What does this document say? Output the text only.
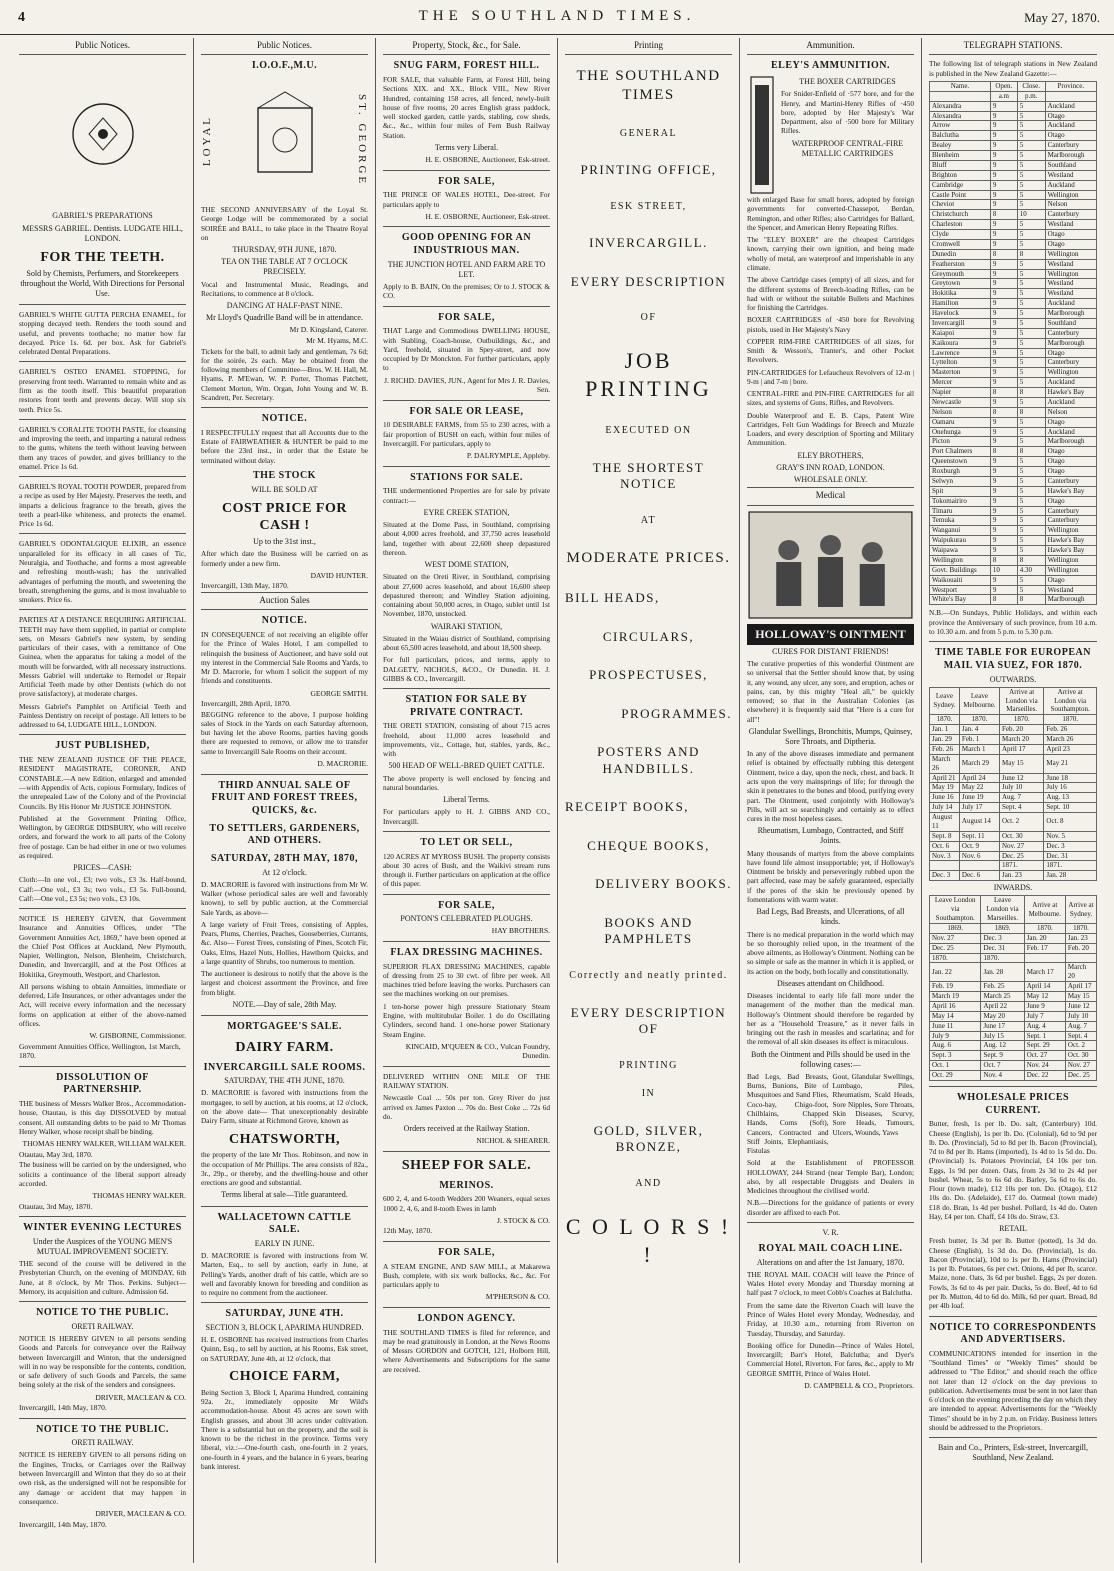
4	THE SOUTHLAND TIMES.	May 27, 1870.
Public Notices.
GABRIEL'S PREPARATIONS
MESSRS GABRIEL. Dentists. LUDGATE HILL, LONDON.
FOR THE TEETH.
Sold by Chemists, Perfumers, and Storekeepers throughout the World, With Directions for Personal Use.

GABRIEL'S WHITE GUTTA PERCHA ENAMEL, for stopping decayed teeth. Renders the tooth sound and useful, and prevents toothache; no matter how far decayed. Price 1s. 6d. per box. Ask for Gabriel's celebrated Dental Preparations.

GABRIEL'S OSTEO ENAMEL STOPPING, for preserving front teeth. Warranted to remain white and as firm as the tooth itself. This beautiful preparation restores front teeth and prevents decay. Will stop six teeth. Price 5s.

GABRIEL'S CORALITE TOOTH PASTE, for cleansing and improving the teeth, and imparting a natural redness to the gums, whitens the teeth without leaving between them any traces of powder, and gives brilliancy to the enamel. Price 1s 6d.

GABRIEL'S ROYAL TOOTH POWDER, prepared from a recipe as used by Her Majesty. Preserves the teeth, and imparts a delicious fragrance to the breath, gives the teeth a pearl-like whiteness, and protects the enamel. Price 1s 6d.

GABRIEL'S ODONTALGIQUE ELIXIR, an essence unparalleled for its efficacy in all cases of Tic, Neuralgia, and Toothache, and forms a most agreeable and refreshing mouth-wash; has the unrivalled advantages of perfuming the mouth, and sweetening the breath, strengthening the gums, and is most invaluable to smokers. Price 6s.

PARTIES AT A DISTANCE REQUIRING ARTIFICIAL TEETH may have them supplied, in partial or complete sets, on Messrs Gabriel's new system, by sending particulars of their cases, with a remittance of One Guinea, when the apparatus for taking a model of the mouth will be forwarded, with all necessary instructions. Messrs Gabriel will undertake to Remodel or Repair Artificial Teeth made by other Dentists (which do not prove satisfactory), at moderate charges.

Messrs Gabriel's Pamphlet on Artificial Teeth and Painless Dentistry on receipt of postage. All letters to be addressed to 64, LUDGATE HILL, LONDON.

JUST PUBLISHED,

THE NEW ZEALAND JUSTICE OF THE PEACE, RESIDENT MAGISTRATE, CORONER, AND CONSTABLE.—A new Edition, enlarged and amended—with Appendix of Acts, copious Formulary, Indices of the unrepealed Law of the Colony and of the Provincial Councils. By His Honor Mr JUSTICE JOHNSTON.

Published at the Government Printing Office, Wellington, by GEORGE DIDSBURY, who will receive orders, and forward the work to all parts of the Colony free of postage. Can be had either in one or two volumes as required.

PRICES—CASH:

Cloth:—In one vol., £3; two vols., £3 3s. Half-bound, Calf:—One vol., £3 3s; two vols., £3 5s. Full-bound, Calf:—One vol., £3 5s; two vols., £3 10s.

NOTICE IS HEREBY GIVEN, that Government Insurance and Annuities Offices, under "The Government Annuities Act, 1869," have been opened at the Chief Post Offices at Auckland, New Plymouth, Napier, Wellington, Nelson, Blenheim, Christchurch, Dunedin, and Invercargill, and at the Post Offices at Hokitika, Greymouth, Westport, and Charleston.

All persons wishing to obtain Annuities, immediate or deferred, Life Insurances, or other advantages under the Act, will receive every information and the necessary forms on application at either of the above-named offices.

W. GISBORNE, Commissioner.
Government Annuities Office, Wellington, 1st March, 1870.
DISSOLUTION OF PARTNERSHIP.

THE business of Messrs Walker Bros., Accommodation-house, Otautau, is this day DISSOLVED by mutual consent. All outstanding debts to be paid to Mr Thomas Henry Walker, whose receipt shall be binding.

THOMAS HENRY WALKER, WILLIAM WALKER.
Otautau, May 3rd, 1870.

The business will be carried on by the undersigned, who solicits a continuance of the liberal support already accorded.

THOMAS HENRY WALKER.
Otautau, 3rd May, 1870.
WINTER EVENING LECTURES
Under the Auspices of the YOUNG MEN'S MUTUAL IMPROVEMENT SOCIETY.

THE second of the course will be delivered in the Presbyterian Church, on the evening of MONDAY, 6th June, at 8 o'clock, by Mr Thos. Perkins. Subject—Memory, its acquisition and culture. Admission 6d.

NOTICE TO THE PUBLIC.
ORETI RAILWAY.

NOTICE IS HEREBY GIVEN to all persons sending Goods and Parcels for conveyance over the Railway between Invercargill and Winton, that the undersigned will in no way be responsible for the contents, condition, or safe delivery of such Goods and Parcels, the same being solely at the risk of the senders and consignees.

DRIVER, MACLEAN & CO.
Invercargill, 14th May, 1870.
NOTICE TO THE PUBLIC.
ORETI RAILWAY.

NOTICE IS HEREBY GIVEN to all persons riding on the Engines, Trucks, or Carriages over the Railway between Invercargill and Winton that they do so at their own risk, as the undersigned will not be responsible for any damage or accident that may happen in consequence.

DRIVER, MACLEAN & CO.
Invercargill, 14th May, 1870.
Public Notices.
I.O.O.F.,M.U.
LOYAL	ST. GEORGE

THE SECOND ANNIVERSARY of the Loyal St. George Lodge will be commemorated by a social SOIRÉE and BALL, to take place in the Theatre Royal on

THURSDAY, 9TH JUNE, 1870.
TEA ON THE TABLE AT 7 O'CLOCK PRECISELY.

Vocal and Instrumental Music, Readings, and Recitations, to commence at 8 o'clock.

DANCING AT HALF-PAST NINE.
Mr Lloyd's Quadrille Band will be in attendance.
Mr D. Kingsland, Caterer.
Mr M. Hyams, M.C.

Tickets for the ball, to admit lady and gentleman, 7s 6d; for the soirée, 2s each. May be obtained from the following members of Committee—Bros. W. H. Hall, M. Hyams, P. M'Ewan, W. P. Porter, Thomas Patchett, Clement Morton, Wm. Organ, John Young and W. B. Scandrett, Per. Secretary.

NOTICE.

I RESPECTFULLY request that all Accounts due to the Estate of FAIRWEATHER & HUNTER be paid to me before the 23rd inst., in order that the Estate be terminated without delay.

THE STOCK
WILL BE SOLD AT
COST PRICE FOR CASH !
Up to the 31st inst.,

After which date the Business will be carried on as formerly under a new firm.

DAVID HUNTER.
Invercargill, 13th May, 1870.
Auction Sales
NOTICE.

IN CONSEQUENCE of not receiving an eligible offer for the Prince of Wales Hotel, I am compelled to relinquish the business of Auctioneer, and have sold out my interest in the Commercial Sale Rooms and Yards, to Mr D. Macrorie, for whom I solicit the support of my friends and constituents.

GEORGE SMITH.
Invercargill, 28th April, 1870.

BEGGING reference to the above, I purpose holding sales of Stock in the Yards on each Saturday afternoon, but having let the above Rooms, parties having goods there are requested to remove, or allow me to transfer same to Invercargill Sale Rooms on their account.

D. MACRORIE.
THIRD ANNUAL SALE OF FRUIT AND FOREST TREES, QUICKS, &c.
TO SETTLERS, GARDENERS, AND OTHERS.
SATURDAY, 28TH MAY, 1870,
At 12 o'clock.

D. MACRORIE is favored with instructions from Mr W. Walker (whose periodical sales are well and favorably known), to sell by public auction, at the Commercial Sale Yards, as above—

A large variety of Fruit Trees, consisting of Apples, Pears, Plums, Cherries, Peaches, Gooseberries, Currants, &c. Also— Forest Trees, consisting of Pines, Scotch Fir, Oaks, Elms, Hazel Nuts, Hollies, Hawthorn Quicks, and a large quantity of Shrubs, too numerous to mention.

The auctioneer is desirous to notify that the above is the largest and choicest assortment the Province, and free from blight.

NOTE.—Day of sale, 28th May.
MORTGAGEE'S SALE.
DAIRY FARM.
INVERCARGILL SALE ROOMS.
SATURDAY, THE 4TH JUNE, 1870.

D. MACRORIE is favored with instructions from the mortgagee, to sell by auction, at his rooms, at 12 o'clock, on the above date— That unexceptionably desirable Dairy Farm, situate at Richmond Grove, known as

CHATSWORTH,

the property of the late Mr Thos. Robinson, and now in the occupation of Mr Phillips. The area consists of 82a., 3r., 29p., or thereby, and the dwelling-house and other erections are good and substantial.

Terms liberal at sale—Title guaranteed.
WALLACETOWN CATTLE SALE.
EARLY IN JUNE.

D. MACRORIE is favored with instructions from W. Marten, Esq., to sell by auction, early in June, at Pelling's Yards, another draft of his cattle, which are so well and favorably known for breeding and condition as to require no comment from the auctioneer.

SATURDAY, JUNE 4TH.
SECTION 3, BLOCK I, APARIMA HUNDRED.

H. E. OSBORNE has received instructions from Charles Quinn, Esq., to sell by auction, at his Rooms, Esk street, on SATURDAY, June 4th, at 12 o'clock, that

CHOICE FARM,

Being Section 3, Block I, Aparima Hundred, containing 92a. 2r., immediately opposite Mr Wild's accommodation-house. About 45 acres are sown with English grasses, and about 30 acres under cultivation. There is a substantial hut on the property, and the soil is known to be the richest in the province. Terms very liberal, viz.:—One-fourth cash, one-fourth in 2 years, one-fourth in 4 years, and the balance in 6 years, bearing bank interest.

Property, Stock, &c., for Sale.
SNUG FARM, FOREST HILL.

FOR SALE, that valuable Farm, at Forest Hill, being Sections XIX. and XX., Block VIII., New River Hundred, containing 158 acres, all fenced, newly-built house of five rooms, 20 acres English grass paddock, well stocked garden, cattle yards, stabling, cow sheds, &c., &c., within four miles of Fern Bush Railway Station.

Terms very Liberal.
H. E. OSBORNE, Auctioneer, Esk-street.
FOR SALE,

THE PRINCE OF WALES HOTEL, Dee-street. For particulars apply to

H. E. OSBORNE, Auctioneer, Esk-street.
GOOD OPENING FOR AN INDUSTRIOUS MAN.
THE JUNCTION HOTEL AND FARM ARE TO LET.

Apply to B. BAIN, On the premises; Or to J. STOCK & CO.

FOR SALE,

THAT Large and Commodious DWELLING HOUSE, with Stabling, Coach-house, Outbuildings, &c., and Yard, freehold, situated in Spey-street, and now occupied by Dr Monckton. For further particulars, apply to

J. RICHD. DAVIES, JUN., Agent for Mrs J. R. Davies, Sen.
FOR SALE OR LEASE,

10 DESIRABLE FARMS, from 55 to 230 acres, with a fair proportion of BUSH on each, within four miles of Invercargill. For particulars, apply to

P. DALRYMPLE, Appleby.
STATIONS FOR SALE.

THE undermentioned Properties are for sale by private contract:—

EYRE CREEK STATION,

Situated at the Dome Pass, in Southland, comprising about 4,000 acres freehold, and 37,750 acres leasehold land, together with about 22,600 sheep depastured thereon.

WEST DOME STATION,

Situated on the Oreti River, in Southland, comprising about 27,600 acres leasehold, and about 16,600 sheep depastured thereon; and Windley Station adjoining, containing about 50,000 acres, in Otago, sublet until 1st November, 1870, unstocked.

WAIRAKI STATION,

Situated in the Waiau district of Southland, comprising about 65,500 acres leasehold, and about 18,500 sheep.

For full particulars, prices, and terms, apply to DALGETY, NICHOLS, &CO., Or Dunedin. H. J. GIBBS & CO., Invercargill.

STATION FOR SALE BY PRIVATE CONTRACT.

THE ORETI STATION, consisting of about 715 acres freehold, about 11,000 acres leasehold and improvements, viz., Cottage, hut, stables, yards, &c., with

500 HEAD OF WELL-BRED QUIET CATTLE.

The above property is well enclosed by fencing and natural boundaries.

Liberal Terms.

For particulars apply to H. J. GIBBS AND CO., Invercargill.

TO LET OR SELL,

120 ACRES AT MYROSS BUSH. The property consists about 30 acres of Bush, and the Waikivi stream runs through it. Further particulars on application at the office of this paper.

FOR SALE,
PONTON'S CELEBRATED PLOUGHS.
HAY BROTHERS.
FLAX DRESSING MACHINES.

SUPERIOR FLAX DRESSING MACHINES, capable of dressing from 25 to 30 cwt. of fibre per week. All machines tried before leaving the works. Purchasers can see the machines working on our premises.

1 ten-horse power high pressure Stationary Steam Engine, with multitubular Boiler. 1 do do Oscillating Cylinders, second hand. 1 one-horse power Stationary Steam Engine.

KINCAID, M'QUEEN & CO., Vulcan Foundry, Dunedin.

DELIVERED WITHIN ONE MILE OF THE RAILWAY STATION.

Newcastle Coal ... 50s per ton. Grey River do just arrived ex James Paxton ... 70s do. Best Coke ... 72s 6d do.

Orders received at the Railway Station.
NICHOL & SHEARER.
SHEEP FOR SALE.
MERINOS.

600 2, 4, and 6-tooth Wedders 200 Weaners, equal sexes 1000 2, 4, 6, and 8-tooth Ewes in lamb

J. STOCK & CO.
12th May, 1870.
FOR SALE,

A STEAM ENGINE, AND SAW MILL, at Makarewa Bush, complete, with six work bullocks, &c., &c. For particulars apply to

M'PHERSON & CO.
LONDON AGENCY.

THE SOUTHLAND TIMES is filed for reference, and may be read gratuitously in London, at the News Rooms of Messrs GORDON and GOTCH, 121, Holborn Hill, where Advertisements and Subscriptions for the same are received.

Printing
THE SOUTHLAND TIMES
GENERAL
PRINTING OFFICE,
ESK STREET,
INVERCARGILL.
EVERY DESCRIPTION
OF
JOB PRINTING
EXECUTED ON
THE SHORTEST NOTICE
AT
MODERATE PRICES.
BILL HEADS,
CIRCULARS,
PROSPECTUSES,
PROGRAMMES.
POSTERS AND HANDBILLS.
RECEIPT BOOKS,
CHEQUE BOOKS,
DELIVERY BOOKS.
BOOKS AND PAMPHLETS
Correctly and neatly printed.
EVERY DESCRIPTION OF
PRINTING
IN
GOLD, SILVER, BRONZE,
AND
C O L O R S ! !
Ammunition.
ELEY'S AMMUNITION.
THE BOXER CARTRIDGES

For Snider-Enfield of ·577 bore, and for the Henry, and Martini-Henry Rifles of ·450 bore, adopted by Her Majesty's War Department, also of ·500 bore for Military Rifles.

WATERPROOF CENTRAL-FIRE METALLIC CARTRIDGES

with enlarged Base for small bores, adopted by foreign governments for converted-Chassepot, Berdan, Remington, and other Rifles; also Cartridges for Ballard, the Spencer, and American Henry Repeating Rifles.

The "ELEY BOXER" are the cheapest Cartridges known, carrying their own ignition, and being made wholly of metal, are waterproof and imperishable in any climate.

The above Cartridge cases (empty) of all sizes, and for the different systems of Breech-loading Rifles, can be had with or without the suitable Bullets and Machines for finishing the Cartridges.

BOXER CARTRIDGES of ·450 bore for Revolving pistols, used in Her Majesty's Navy

COPPER RIM-FIRE CARTRIDGES of all sizes, for Smith & Wesson's, Tranter's, and other Pocket Revolvers.

PIN-CARTRIDGES for Lefaucheux Revolvers of 12-m | 9-m | and 7-m | bore.

CENTRAL-FIRE and PIN-FIRE CARTRIDGES for all sizes, and systems of Guns, Rifles, and Revolvers.

Double Waterproof and E. B. Caps, Patent Wire Cartridges, Felt Gun Waddings for Breech and Muzzle Loaders, and every description of Sporting and Military Ammunition.

ELEY BROTHERS,
GRAY'S INN ROAD, LONDON.
WHOLESALE ONLY.
Medical
HOLLOWAY'S OINTMENT
CURES FOR DISTANT FRIENDS!

The curative properties of this wonderful Ointment are so universal that the Settler should know that, by using it, any wound, any ulcer, any sore, and eruption, aches or pains, can, by this mighty "Heal all," be quickly removed; so that in the Australian Colonies (as elsewhere) it is frequently said that "Here is a cure for all"!

Glandular Swellings, Bronchitis, Mumps, Quinsey, Sore Throats, and Diptheria.

In any of the above diseases immediate and permanent relief is obtained by effectually rubbing this detergent Ointment, twice a day, upon the neck, chest, and back. It acts upon the very mainsprings of life; for through the skin it penetrates to the bones and blood, purifying every part. The Ointment, used conjointly with Holloway's Pills, will act so searchingly and certainly as to effect cures in the most hopeless cases.

Rheumatism, Lumbago, Contracted, and Stiff Joints.

Many thousands of martyrs from the above complaints have found life almost insupportable; yet, if Holloway's Ointment be briskly and perseveringly rubbed upon the part affected, ease may be safely guaranteed, especially if the pores of the skin be previously opened by fomentations with warm water.

Bad Legs, Bad Breasts, and Ulcerations, of all kinds.

There is no medical preparation in the world which may be so thoroughly relied upon, in the treatment of the above ailments, as Holloway's Ointment. Nothing can be so simple or safe as the manner in which it is applied, or its action on the body, both locally and constitutionally.

Diseases attendant on Childhood.

Diseases incidental to early life fall more under the management of the mother than the medical man. Holloway's Ointment should therefore be regarded by her as a "Household Treasure," as it never fails in bringing out the rash in measles and scarlatina; and for the removal of all skin diseases its effect is miraculous.

Both the Ointment and Pills should be used in the following cases:—

Bad Legs, Bad Breasts, Burns, Bunions, Bite of Musquitoes and Sand Flies, Coco-bay, Chigo-foot, Chilblains, Chapped Hands, Corns (Soft), Cancers, Contracted and Stiff Joints, Elephantiasis, Fistulas

Gout, Glandular Swellings, Lumbago, Piles, Rheumatism, Scald Heads, Sore Nipples, Sore Throats, Skin Diseases, Scurvy, Sore Heads, Tumours, Ulcers, Wounds, Yaws

Sold at the Establishment of PROFESSOR HOLLOWAY, 244 Strand (near Temple Bar), London; also, by all respectable Druggists and Dealers in Medicines throughout the civilised world.

N.B.—Directions for the guidance of patients or every disorder are affixed to each Pot.

V. R.
ROYAL MAIL COACH LINE.
Alterations on and after the 1st January, 1870.

THE ROYAL MAIL COACH will leave the Prince of Wales Hotel every Monday and Thursday morning at half past 7 o'clock, to meet Cobb's Coaches at Balclutha.

From the same date the Riverton Coach will leave the Prince of Wales Hotel every Monday, Wednesday, and Friday, at 10.30 a.m., returning from Riverton on Tuesday, Thursday, and Saturday.

Booking office for Dunedin—Prince of Wales Hotel, Invercargill; Barr's Hotel, Balclutha; and Dyer's Commercial Hotel, Riverton. For fares, &c., apply to Mr GEORGE SMITH, Prince of Wales Hotel.

D. CAMPBELL & CO., Proprietors.
TELEGRAPH STATIONS.

The following list of telegraph stations in New Zealand is published in the New Zealand Gazette:—

Name.	Open.	Close.	Province.
	a.m	p.m.	
Alexandra	9	5	Auckland
Alexandra	9	5	Otago
Arrow	9	5	Auckland
Balclutha	9	5	Otago
Bealey	9	5	Canterbury
Blenheim	9	5	Marlborough
Bluff	9	5	Southland
Brighton	9	5	Westland
Cambridge	9	5	Auckland
Castle Point	9	5	Wellington
Cheviot	9	5	Nelson
Christchurch	8	10	Canterbury
Charleston	9	5	Westland
Clyde	9	5	Otago
Cromwell	9	5	Otago
Dunedin	8	8	Wellington
Featherston	9	5	Westland
Greymouth	9	5	Wellington
Greytown	9	5	Westland
Hokitika	9	5	Westland
Hamilton	9	5	Auckland
Havelock	9	5	Marlborough
Invercargill	9	5	Southland
Kaiapoi	9	5	Canterbury
Kaikoura	9	5	Marlborough
Lawrence	9	5	Otago
Lyttelton	9	5	Canterbury
Masterton	9	5	Wellington
Mercer	9	5	Auckland
Napier	8	8	Hawke's Bay
Newcastle	9	5	Auckland
Nelson	8	8	Nelson
Oamaru	9	5	Otago
Onehunga	9	5	Auckland
Picton	9	5	Marlborough
Port Chalmers	8	8	Otago
Queenstown	9	5	Otago
Roxburgh	9	5	Otago
Selwyn	9	5	Canterbury
Spit	9	5	Hawke's Bay
Tokomairiro	9	5	Otago
Timaru	9	5	Canterbury
Temuka	9	5	Canterbury
Wanganui	9	5	Wellington
Waipukurau	9	5	Hawke's Bay
Waipawa	9	5	Hawke's Bay
Wellington	8	8	Wellington
Govt. Buildings	10	4.30	Wellington
Waikouaiti	9	5	Otago
Westport	9	5	Westland
White's Bay	8	8	Marlborough

N.B.—On Sundays, Public Holidays, and within each province the Anniversary of such province, from 10 a.m. to 10.30 a.m. and from 5 p.m. to 5.30 p.m.

TIME TABLE FOR EUROPEAN MAIL VIA SUEZ, FOR 1870.
OUTWARDS.
Leave Sydney.	Leave Melbourne.	Arrive at London via Marseilles.	Arrive at London via Southampton.
1870.	1870.	1870.	1870.
Jan. 1	Jan. 4	Feb. 20	Feb. 26
Jan. 29	Feb. 1	March 20	March 26
Feb. 26	March 1	April 17	April 23
March 26	March 29	May 15	May 21
April 21	April 24	June 12	June 18
May 19	May 22	July 10	July 16
June 16	June 19	Aug. 7	Aug. 13
July 14	July 17	Sept. 4	Sept. 10
August 11	August 14	Oct. 2	Oct. 8
Sept. 8	Sept. 11	Oct. 30	Nov. 5
Oct. 6	Oct. 9	Nov. 27	Dec. 3
Nov. 3	Nov. 6	Dec. 25	Dec. 31
		1871.	1871.
Dec. 3	Dec. 6	Jan. 23	Jan. 28
INWARDS.
Leave London via Southampton.	Leave London via Marseilles.	Arrive at Melbourne.	Arrive at Sydney.
1869.	1869.	1870.	1870.
Nov. 27	Dec. 3	Jan. 20	Jan. 23
Dec. 25	Dec. 31	Feb. 17	Feb. 20
1870.	1870.		
Jan. 22	Jan. 28	March 17	March 20
Feb. 19	Feb. 25	April 14	April 17
March 19	March 25	May 12	May 15
April 16	April 22	June 9	June 12
May 14	May 20	July 7	July 10
June 11	June 17	Aug. 4	Aug. 7
July 9	July 15	Sept. 1	Sept. 4
Aug. 6	Aug. 12	Sept. 29	Oct. 2
Sept. 3	Sept. 9	Oct. 27	Oct. 30
Oct. 1	Oct. 7	Nov. 24	Nov. 27
Oct. 29	Nov. 4	Dec. 22	Dec. 25
WHOLESALE PRICES CURRENT.

Butter, fresh, 1s per lb. Do. salt, (Canterbury) 10d. Cheese (English), 1s per lb. Do. (Colonial), 6d to 9d per lb. Do. (Provincial), 5d to 8d per lb. Bacon (Provincial), 7d to 8d per lb. Hams (imported), 1s 4d to 1s 5d do. Do. (Provincial) 1s. Potatoes Provincial, £4 10s per ton. Eggs, 1s 9d per dozen. Oats, from 2s 3d to 2s 4d per bushel. Wheat, 5s to 6s 6d do. Barley, 5s 6d to 6s do. Flour (town made), £12 10s per ton. Do. (Otago), £12 10s do. Do. (Adelaide), £17 do. Oatmeal (town made) £18 do. Bran, 1s 4d per bushel. Pollard, 1s 4d do. Oaten Hay, £4 per ton. Chaff, £4 10s do. Straw, £3.

RETAIL

Fresh butter, 1s 3d per lb. Butter (potted), 1s 3d do. Cheese (English), 1s 3d do. Do. (Provincial), 1s do. Bacon (Provincial), 10d to 1s per lb. Hams (Provincial) 1s per lb. Potatoes, 6s per cwt. Onions, 4d per lb, scarce. Maize, none. Oats, 3s 6d per bushel. Eggs, 2s per dozen. Fowls, 3s 6d to 4s per pair. Ducks, 5s do. Beef, 4d to 6d per lb. Mutton, 4d to 6d do. Milk, 6d per quart. Bread, 8d per 4lb loaf.

NOTICE TO CORRESPONDENTS AND ADVERTISERS.

COMMUNICATIONS intended for insertion in the "Southland Times" or "Weekly Times" should be addressed to "The Editor," and should reach the office not later than 12 o'clock on the day previous to publication. Advertisements must be sent in not later than 6 o'clock on the evening preceding the day on which they are intended to appear. Advertisements for the "Weekly Times" should be in by 2 p.m. on Friday. Business letters should be addressed to the Proprietors.

Bain and Co., Printers, Esk-street, Invercargill, Southland, New Zealand.
